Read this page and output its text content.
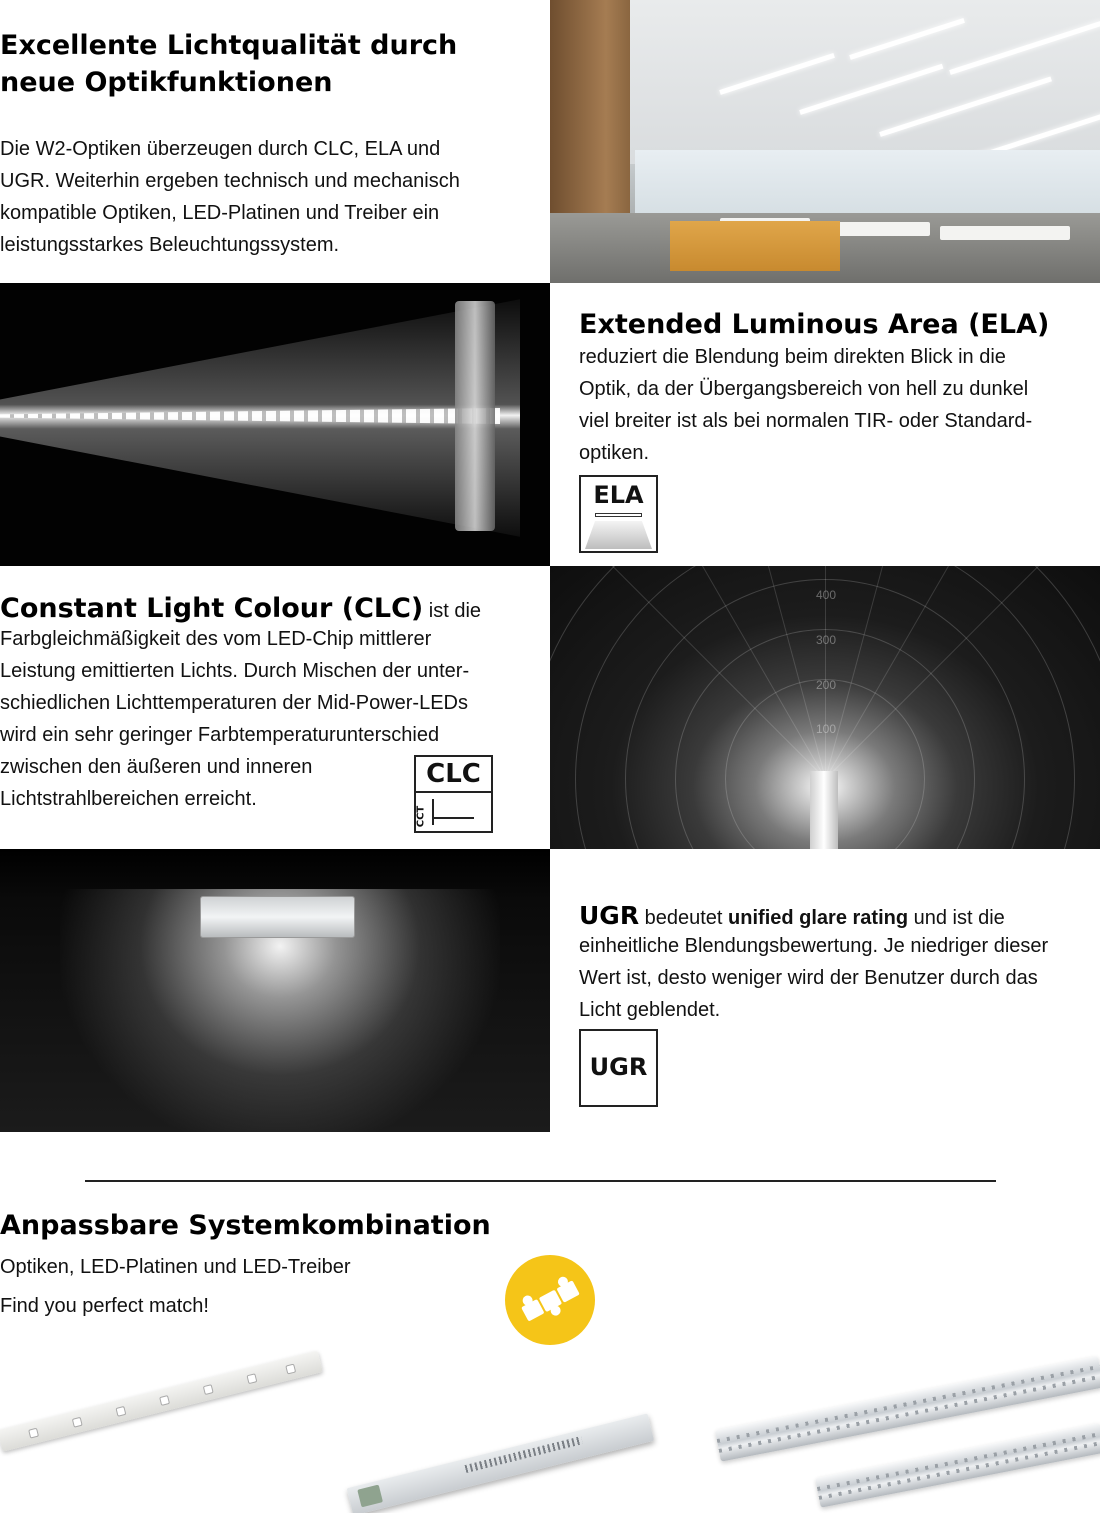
Excellente Lichtqualität durch
neue Optikfunktionen
Die W2-Optiken überzeugen durch CLC, ELA und
UGR. Weiterhin ergeben technisch und mechanisch
kompatible Optiken, LED-Platinen und Treiber ein
leistungsstarkes Beleuchtungssystem.
Extended Luminous Area (ELA)
reduziert die Blendung beim direkten Blick in die
Optik, da der Übergangsbereich von hell zu dunkel
viel breiter ist als bei normalen TIR- oder Standard-
optiken.
ELA
Constant Light Colour (CLC) ist die
Farbgleichmäßigkeit des vom LED-Chip mittlerer
Leistung emittierten Lichts. Durch Mischen der unter-
schiedlichen Lichttemperaturen der Mid-Power-LEDs
wird ein sehr geringer Farbtemperaturunterschied
zwischen den äußeren und inneren
Lichtstrahlbereichen erreicht.
CLC
CCT
400
300
200
100
UGR bedeutet unified glare rating und ist die
einheitliche Blendungsbewertung. Je niedriger dieser
Wert ist, desto weniger wird der Benutzer durch das
Licht geblendet.
UGR
Anpassbare Systemkombination
Optiken, LED-Platinen und LED-Treiber
Find you perfect match!
